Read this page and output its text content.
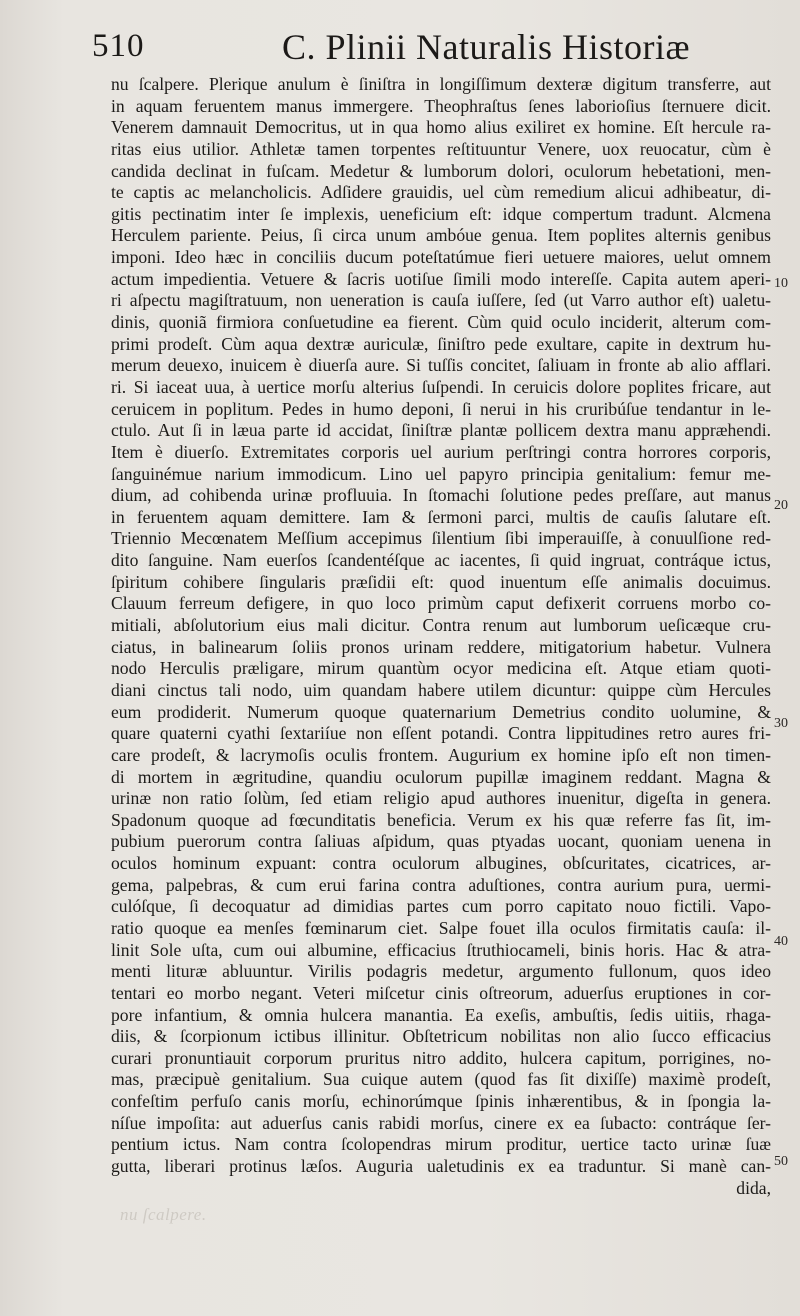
510	C. Plinii Naturalis Historiæ
nu ſcalpere. Plerique anulum è ſiniſtra in longiſſimum dexteræ digitum transferre, aut
in aquam feruentem manus immergere. Theophraſtus ſenes laborioſius ſternuere dicit.
Venerem damnauit Democritus, ut in qua homo alius exiliret ex homine. Eſt hercule ra-
ritas eius utilior. Athletæ tamen torpentes reſtituuntur Venere, uox reuocatur, cùm è
candida declinat in fuſcam. Medetur & lumborum dolori, oculorum hebetationi, men-
te captis ac melancholicis. Adſidere grauidis, uel cùm remedium alicui adhibeatur, di-
gitis pectinatim inter ſe implexis, ueneficium eſt: idque compertum tradunt. Alcmena
Herculem pariente. Peius, ſi circa unum ambóue genua. Item poplites alternis genibus
imponi. Ideo hæc in conciliis ducum poteſtatúmue fieri uetuere maiores, uelut omnem
actum impedientia. Vetuere & ſacris uotiſue ſimili modo intereſſe. Capita autem aperi-
ri aſpectu magiſtratuum, non ueneration is cauſa iuſſere, ſed (ut Varro author eſt) ualetu-
dinis, quoniã firmiora conſuetudine ea fierent. Cùm quid oculo inciderit, alterum com-
primi prodeſt. Cùm aqua dextræ auriculæ, ſiniſtro pede exultare, capite in dextrum hu-
merum deuexo, inuicem è diuerſa aure. Si tuſſis concitet, ſaliuam in fronte ab alio afflari.
ri. Si iaceat uua, à uertice morſu alterius ſuſpendi. In ceruicis dolore poplites fricare, aut
ceruicem in poplitum. Pedes in humo deponi, ſi nerui in his cruribúſue tendantur in le-
ctulo. Aut ſi in læua parte id accidat, ſiniſtræ plantæ pollicem dextra manu appræhendi.
Item è diuerſo. Extremitates corporis uel aurium perſtringi contra horrores corporis,
ſanguinémue narium immodicum. Lino uel papyro principia genitalium: femur me-
dium, ad cohibenda urinæ profluuia. In ſtomachi ſolutione pedes preſſare, aut manus
in feruentem aquam demittere. Iam & ſermoni parci, multis de cauſis ſalutare eſt.
Triennio Mecœnatem Meſſium accepimus ſilentium ſibi imperauiſſe, à conuulſione red-
dito ſanguine. Nam euerſos ſcandentéſque ac iacentes, ſi quid ingruat, contráque ictus,
ſpiritum cohibere ſingularis præſidii eſt: quod inuentum eſſe animalis docuimus.
Clauum ferreum defigere, in quo loco primùm caput defixerit corruens morbo co-
mitiali, abſolutorium eius mali dicitur. Contra renum aut lumborum ueſicæque cru-
ciatus, in balinearum ſoliis pronos urinam reddere, mitigatorium habetur. Vulnera
nodo Herculis præligare, mirum quantùm ocyor medicina eſt. Atque etiam quoti-
diani cinctus tali nodo, uim quandam habere utilem dicuntur: quippe cùm Hercules
eum prodiderit. Numerum quoque quaternarium Demetrius condito uolumine, &
quare quaterni cyathi ſextariíue non eſſent potandi. Contra lippitudines retro aures fri-
care prodeſt, & lacrymoſis oculis frontem. Augurium ex homine ipſo eſt non timen-
di mortem in ægritudine, quandiu oculorum pupillæ imaginem reddant. Magna &
urinæ non ratio ſolùm, ſed etiam religio apud authores inuenitur, digeſta in genera.
Spadonum quoque ad fœcunditatis beneficia. Verum ex his quæ referre fas ſit, im-
pubium puerorum contra ſaliuas aſpidum, quas ptyadas uocant, quoniam uenena in
oculos hominum expuant: contra oculorum albugines, obſcuritates, cicatrices, ar-
gema, palpebras, & cum erui farina contra aduſtiones, contra aurium pura, uermi-
culóſque, ſi decoquatur ad dimidias partes cum porro capitato nouo fictili. Vapo-
ratio quoque ea menſes fœminarum ciet. Salpe fouet illa oculos firmitatis cauſa: il-
linit Sole uſta, cum oui albumine, efficacius ſtruthiocameli, binis horis. Hac & atra-
menti lituræ abluuntur. Virilis podagris medetur, argumento fullonum, quos ideo
tentari eo morbo negant. Veteri miſcetur cinis oſtreorum, aduerſus eruptiones in cor-
pore infantium, & omnia hulcera manantia. Ea exeſis, ambuſtis, ſedis uitiis, rhaga-
diis, & ſcorpionum ictibus illinitur. Obſtetricum nobilitas non alio ſucco efficacius
curari pronuntiauit corporum pruritus nitro addito, hulcera capitum, porrigines, no-
mas, præcipuè genitalium. Sua cuique autem (quod fas ſit dixiſſe) maximè prodeſt,
confeſtim perfuſo canis morſu, echinorúmque ſpinis inhærentibus, & in ſpongia la-
níſue impoſita: aut aduerſus canis rabidi morſus, cinere ex ea ſubacto: contráque ſer-
pentium ictus. Nam contra ſcolopendras mirum proditur, uertice tacto urinæ ſuæ
gutta, liberari protinus læſos. Auguria ualetudinis ex ea traduntur. Si manè can-
dida,
10
20
30
40
50
nu ſcalpere.
